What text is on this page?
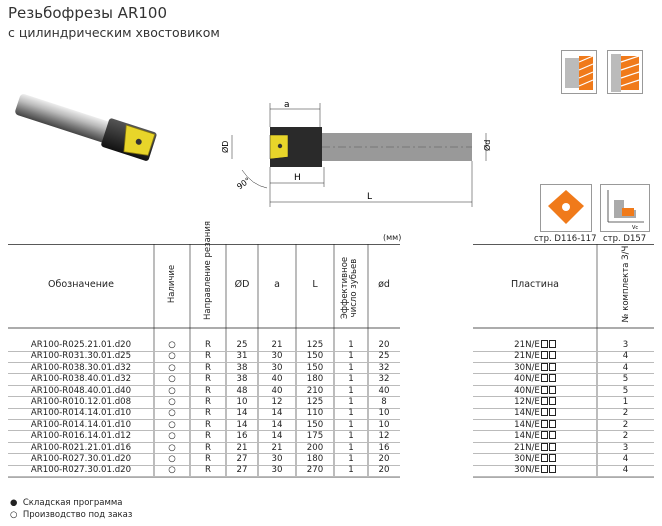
Резьбофрезы AR100
с цилиндрическим хвостовиком
a
ØD
H
90°
L
Ød
Vc
стр. D116-117 стр. D157
(мм)
Обозначение	Наличие	Направление резания	ØD	a	L	Эффективное число зубьев	ød
AR100-R025.21.01.d20	○	R	25	21	125	1	20
AR100-R031.30.01.d25	○	R	31	30	150	1	25
AR100-R038.30.01.d32	○	R	38	30	150	1	32
AR100-R038.40.01.d32	○	R	38	40	180	1	32
AR100-R048.40.01.d40	○	R	48	40	210	1	40
AR100-R010.12.01.d08	○	R	10	12	125	1	8
AR100-R014.14.01.d10	○	R	14	14	110	1	10
AR100-R014.14.01.d10	○	R	14	14	150	1	10
AR100-R016.14.01.d12	○	R	16	14	175	1	12
AR100-R021.21.01.d16	○	R	21	21	200	1	16
AR100-R027.30.01.d20	○	R	27	30	180	1	20
AR100-R027.30.01.d20	○	R	27	30	270	1	20
Пластина	№ комплекта З/Ч
21N/E	3
21N/E	4
30N/E	4
40N/E	5
40N/E	5
12N/E	1
14N/E	2
14N/E	2
14N/E	2
21N/E	3
30N/E	4
30N/E	4
● Складская программа
○ Производство под заказ
